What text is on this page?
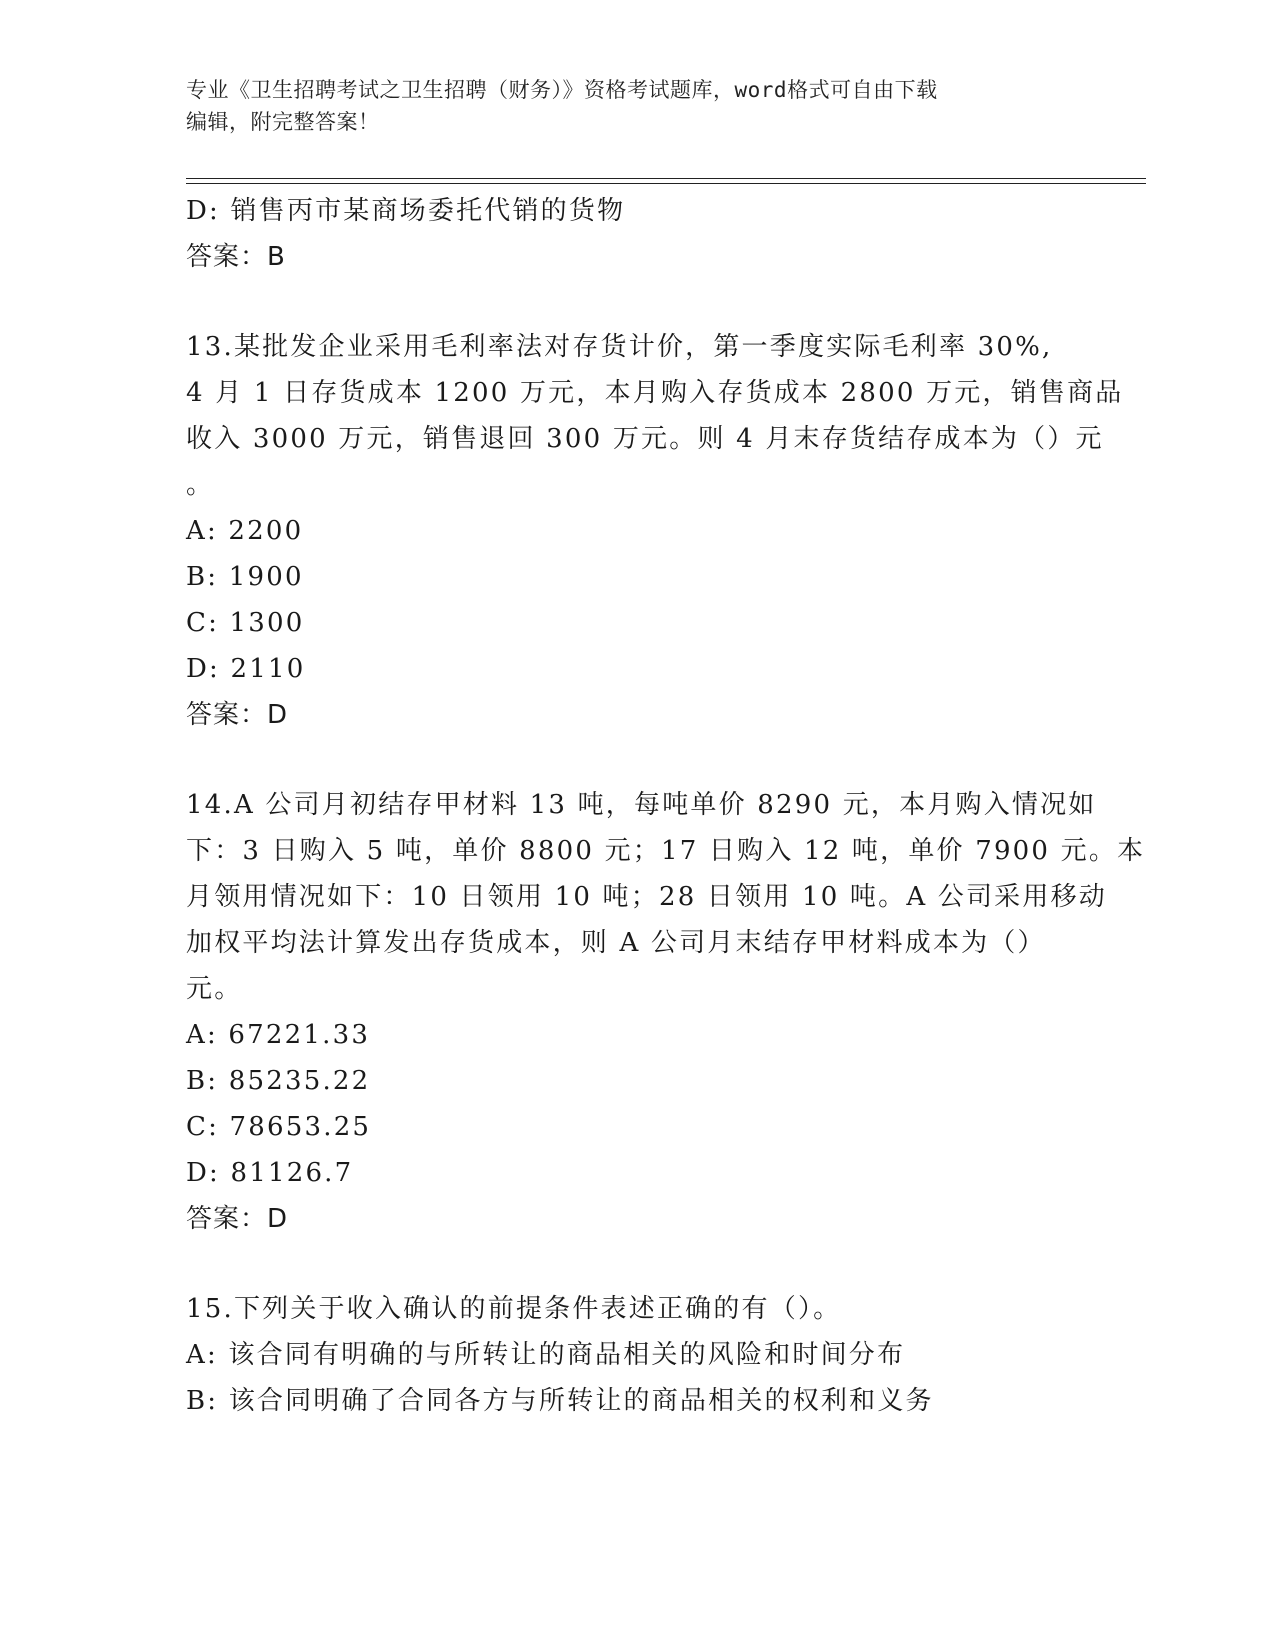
专业《卫生招聘考试之卫生招聘（财务）》资格考试题库，word格式可自由下载
编辑，附完整答案！
D: 销售丙市某商场委托代销的货物
答案：B
13.某批发企业采用毛利率法对存货计价，第一季度实际毛利率 30%,
4 月 1 日存货成本 1200 万元，本月购入存货成本 2800 万元，销售商品
收入 3000 万元，销售退回 300 万元。则 4 月末存货结存成本为（）元
。
A: 2200
B: 1900
C: 1300
D: 2110
答案：D
14.A 公司月初结存甲材料 13 吨，每吨单价 8290 元，本月购入情况如
下：3 日购入 5 吨，单价 8800 元；17 日购入 12 吨，单价 7900 元。本
月领用情况如下：10 日领用 10 吨；28 日领用 10 吨。A 公司采用移动
加权平均法计算发出存货成本，则 A 公司月末结存甲材料成本为（）
元。
A: 67221.33
B: 85235.22
C: 78653.25
D: 81126.7
答案：D
15.下列关于收入确认的前提条件表述正确的有（）。
A: 该合同有明确的与所转让的商品相关的风险和时间分布
B: 该合同明确了合同各方与所转让的商品相关的权利和义务
